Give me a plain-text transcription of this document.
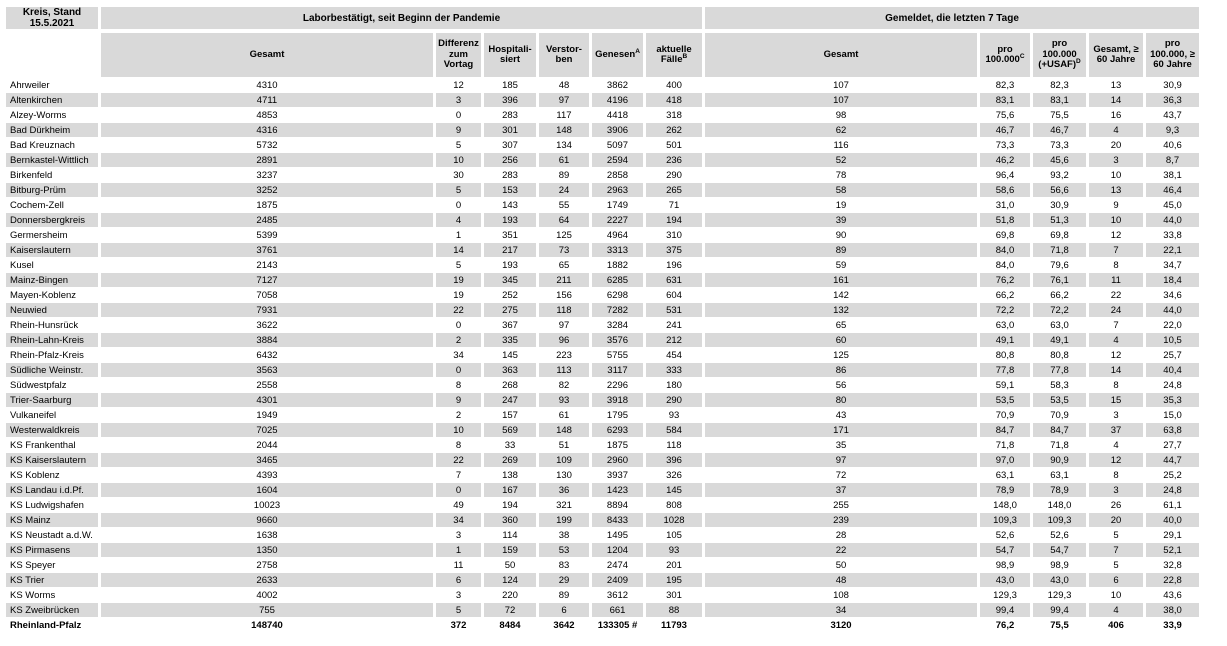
Kreis, Stand 15.5.2021	Laborbestätigt, seit Beginn der Pandemie						Gemeldet, die letzten 7 Tage				
	Gesamt	Differenz zum Vortag	Hospitali-siert	Verstor-ben	Genesen$^A$	aktuelle Fälle$^B$	Gesamt	pro $100.000^C$	pro 100.000 (+USAF)$^D$	Gesamt, ≥ 60 Jahre	pro 100.000, ≥ 60 Jahre
Ahrweiler	4310	12	185	48	3862	400	107	82,3	82,3	13	30,9
Altenkirchen	4711	3	396	97	4196	418	107	83,1	83,1	14	36,3
Alzey-Worms	4853	0	283	117	4418	318	98	75,6	75,5	16	43,7
Bad Dürkheim	4316	9	301	148	3906	262	62	46,7	46,7	4	9,3
Bad Kreuznach	5732	5	307	134	5097	501	116	73,3	73,3	20	40,6
Bernkastel-Wittlich	2891	10	256	61	2594	236	52	46,2	45,6	3	8,7
Birkenfeld	3237	30	283	89	2858	290	78	96,4	93,2	10	38,1
Bitburg-Prüm	3252	5	153	24	2963	265	58	58,6	56,6	13	46,4
Cochem-Zell	1875	0	143	55	1749	71	19	31,0	30,9	9	45,0
Donnersbergkreis	2485	4	193	64	2227	194	39	51,8	51,3	10	44,0
Germersheim	5399	1	351	125	4964	310	90	69,8	69,8	12	33,8
Kaiserslautern	3761	14	217	73	3313	375	89	84,0	71,8	7	22,1
Kusel	2143	5	193	65	1882	196	59	84,0	79,6	8	34,7
Mainz-Bingen	7127	19	345	211	6285	631	161	76,2	76,1	11	18,4
Mayen-Koblenz	7058	19	252	156	6298	604	142	66,2	66,2	22	34,6
Neuwied	7931	22	275	118	7282	531	132	72,2	72,2	24	44,0
Rhein-Hunsrück	3622	0	367	97	3284	241	65	63,0	63,0	7	22,0
Rhein-Lahn-Kreis	3884	2	335	96	3576	212	60	49,1	49,1	4	10,5
Rhein-Pfalz-Kreis	6432	34	145	223	5755	454	125	80,8	80,8	12	25,7
Südliche Weinstr.	3563	0	363	113	3117	333	86	77,8	77,8	14	40,4
Südwestpfalz	2558	8	268	82	2296	180	56	59,1	58,3	8	24,8
Trier-Saarburg	4301	9	247	93	3918	290	80	53,5	53,5	15	35,3
Vulkaneifel	1949	2	157	61	1795	93	43	70,9	70,9	3	15,0
Westerwaldkreis	7025	10	569	148	6293	584	171	84,7	84,7	37	63,8
KS Frankenthal	2044	8	33	51	1875	118	35	71,8	71,8	4	27,7
KS Kaiserslautern	3465	22	269	109	2960	396	97	97,0	90,9	12	44,7
KS Koblenz	4393	7	138	130	3937	326	72	63,1	63,1	8	25,2
KS Landau i.d.Pf.	1604	0	167	36	1423	145	37	78,9	78,9	3	24,8
KS Ludwigshafen	10023	49	194	321	8894	808	255	148,0	148,0	26	61,1
KS Mainz	9660	34	360	199	8433	1028	239	109,3	109,3	20	40,0
KS Neustadt a.d.W.	1638	3	114	38	1495	105	28	52,6	52,6	5	29,1
KS Pirmasens	1350	1	159	53	1204	93	22	54,7	54,7	7	52,1
KS Speyer	2758	11	50	83	2474	201	50	98,9	98,9	5	32,8
KS Trier	2633	6	124	29	2409	195	48	43,0	43,0	6	22,8
KS Worms	4002	3	220	89	3612	301	108	129,3	129,3	10	43,6
KS Zweibrücken	755	5	72	6	661	88	34	99,4	99,4	4	38,0
Rheinland-Pfalz	148740	372	8484	3642	133305 #	11793	3120	76,2	75,5	406	33,9
